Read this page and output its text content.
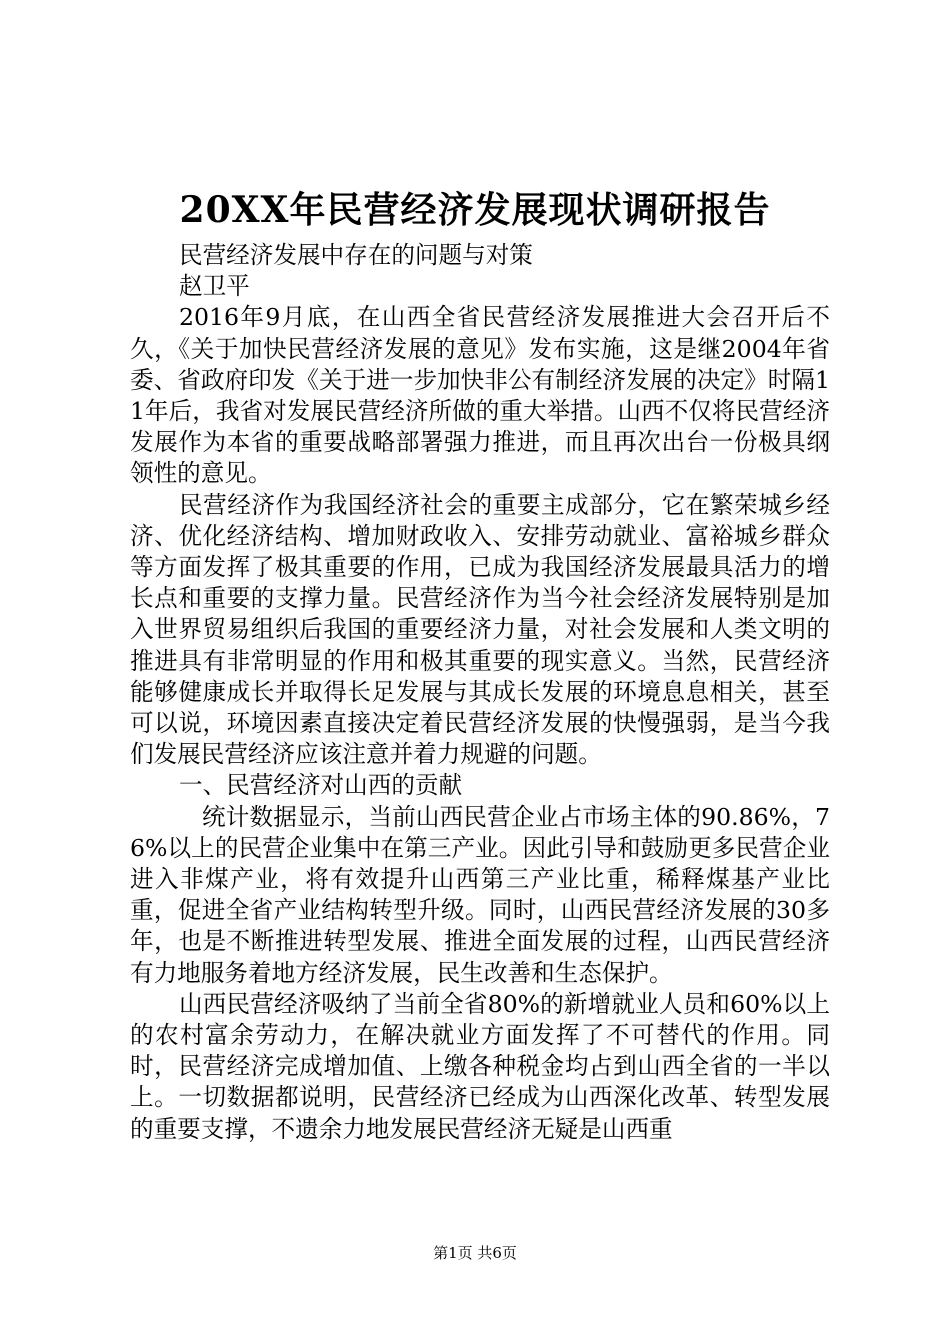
20XX年民营经济发展现状调研报告

民营经济发展中存在的问题与对策

赵卫平

2016年9月底，在山西全省民营经济发展推进大会召开后不久，《关于加快民营经济发展的意见》发布实施，这是继2004年省委、省政府印发《关于进一步加快非公有制经济发展的决定》时隔11年后，我省对发展民营经济所做的重大举措。山西不仅将民营经济发展作为本省的重要战略部署强力推进，而且再次出台一份极具纲领性的意见。

民营经济作为我国经济社会的重要主成部分，它在繁荣城乡经济、优化经济结构、增加财政收入、安排劳动就业、富裕城乡群众等方面发挥了极其重要的作用，已成为我国经济发展最具活力的增长点和重要的支撑力量。民营经济作为当今社会经济发展特别是加入世界贸易组织后我国的重要经济力量，对社会发展和人类文明的推进具有非常明显的作用和极其重要的现实意义。当然，民营经济能够健康成长并取得长足发展与其成长发展的环境息息相关，甚至可以说，环境因素直接决定着民营经济发展的快慢强弱，是当今我们发展民营经济应该注意并着力规避的问题。

一、民营经济对山西的贡献

统计数据显示，当前山西民营企业占市场主体的90.86%，76%以上的民营企业集中在第三产业。因此引导和鼓励更多民营企业进入非煤产业，将有效提升山西第三产业比重，稀释煤基产业比重，促进全省产业结构转型升级。同时，山西民营经济发展的30多年，也是不断推进转型发展、推进全面发展的过程，山西民营经济有力地服务着地方经济发展，民生改善和生态保护。

山西民营经济吸纳了当前全省80%的新增就业人员和60%以上的农村富余劳动力，在解决就业方面发挥了不可替代的作用。同时，民营经济完成增加值、上缴各种税金均占到山西全省的一半以上。一切数据都说明，民营经济已经成为山西深化改革、转型发展的重要支撑，不遗余力地发展民营经济无疑是山西重

第1页 共6页
